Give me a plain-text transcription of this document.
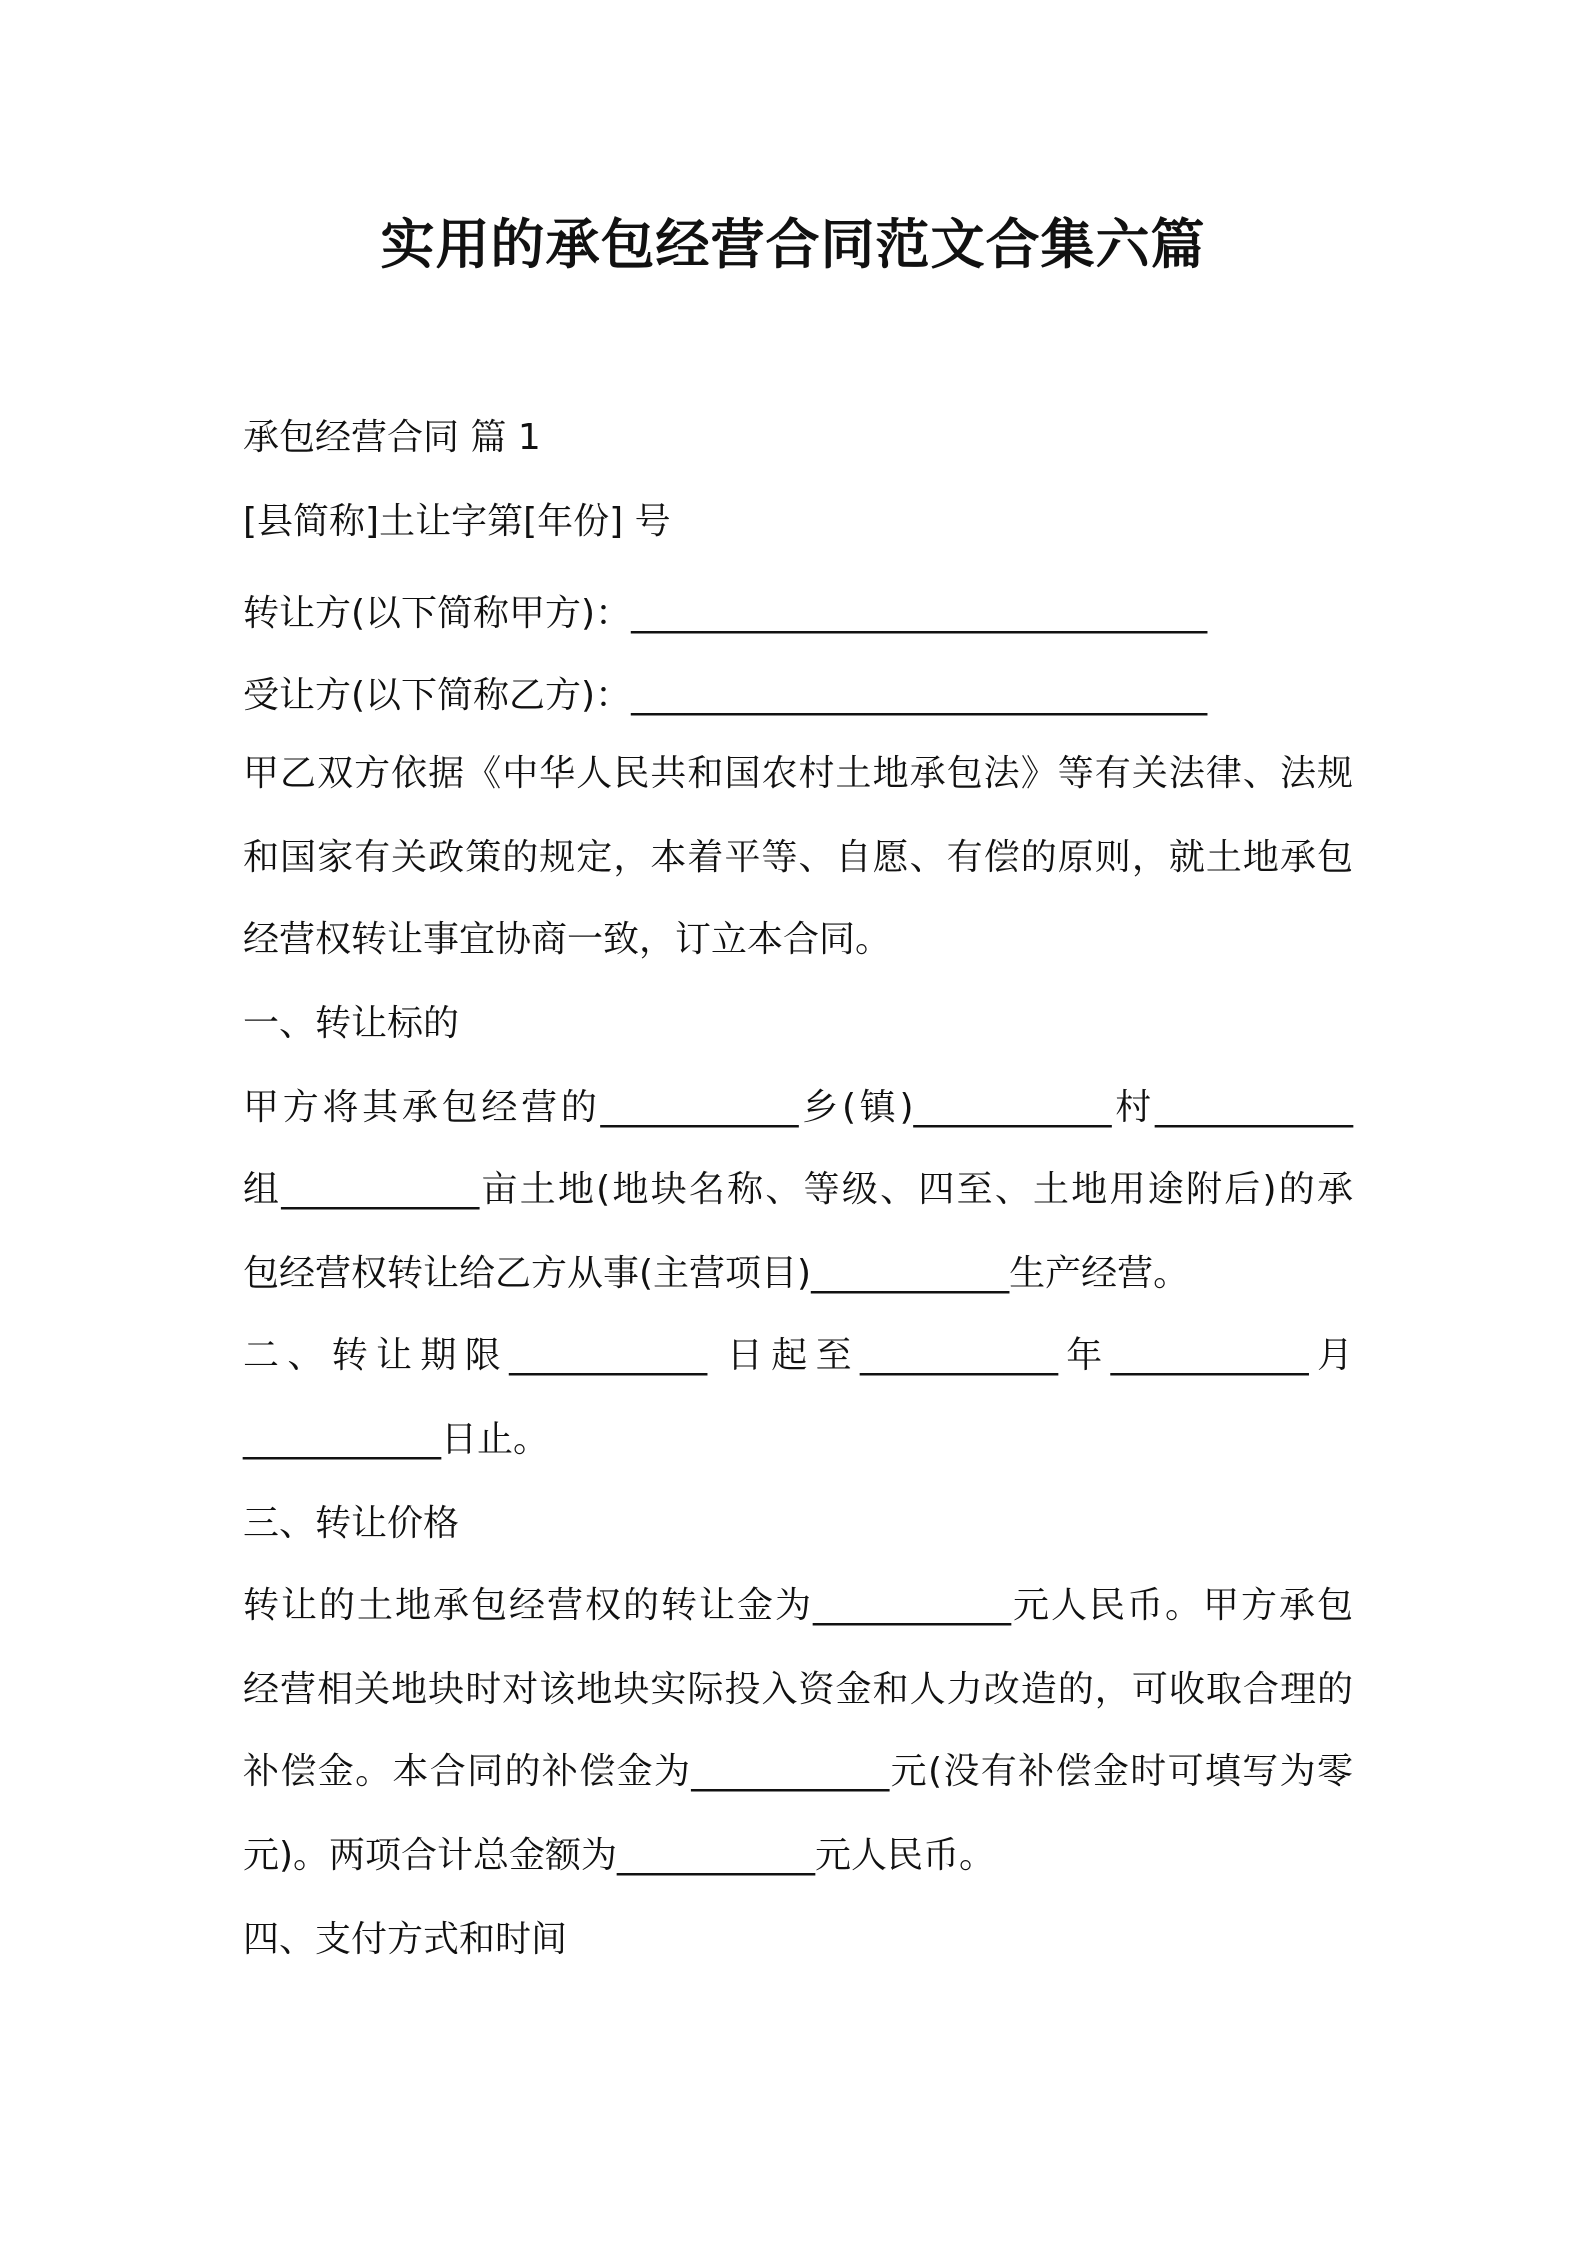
实用的承包经营合同范文合集六篇
承包经营合同 篇 1
[县简称]土让字第[年份] 号
转让方(以下简称甲方)：________________________________
受让方(以下简称乙方)：________________________________
甲乙双方依据《中华人民共和国农村土地承包法》等有关法律、法规
和国家有关政策的规定，本着平等、自愿、有偿的原则，就土地承包
经营权转让事宜协商一致，订立本合同。
一、转让标的
甲方将其承包经营的___________乡(镇)___________村___________
组___________亩土地(地块名称、等级、四至、土地用途附后)的承
包经营权转让给乙方从事(主营项目)___________生产经营。
二、转让期限___________ 日起至___________年___________月
___________日止。
三、转让价格
转让的土地承包经营权的转让金为___________元人民币。甲方承包
经营相关地块时对该地块实际投入资金和人力改造的，可收取合理的
补偿金。本合同的补偿金为___________元(没有补偿金时可填写为零
元)。两项合计总金额为___________元人民币。
四、支付方式和时间
